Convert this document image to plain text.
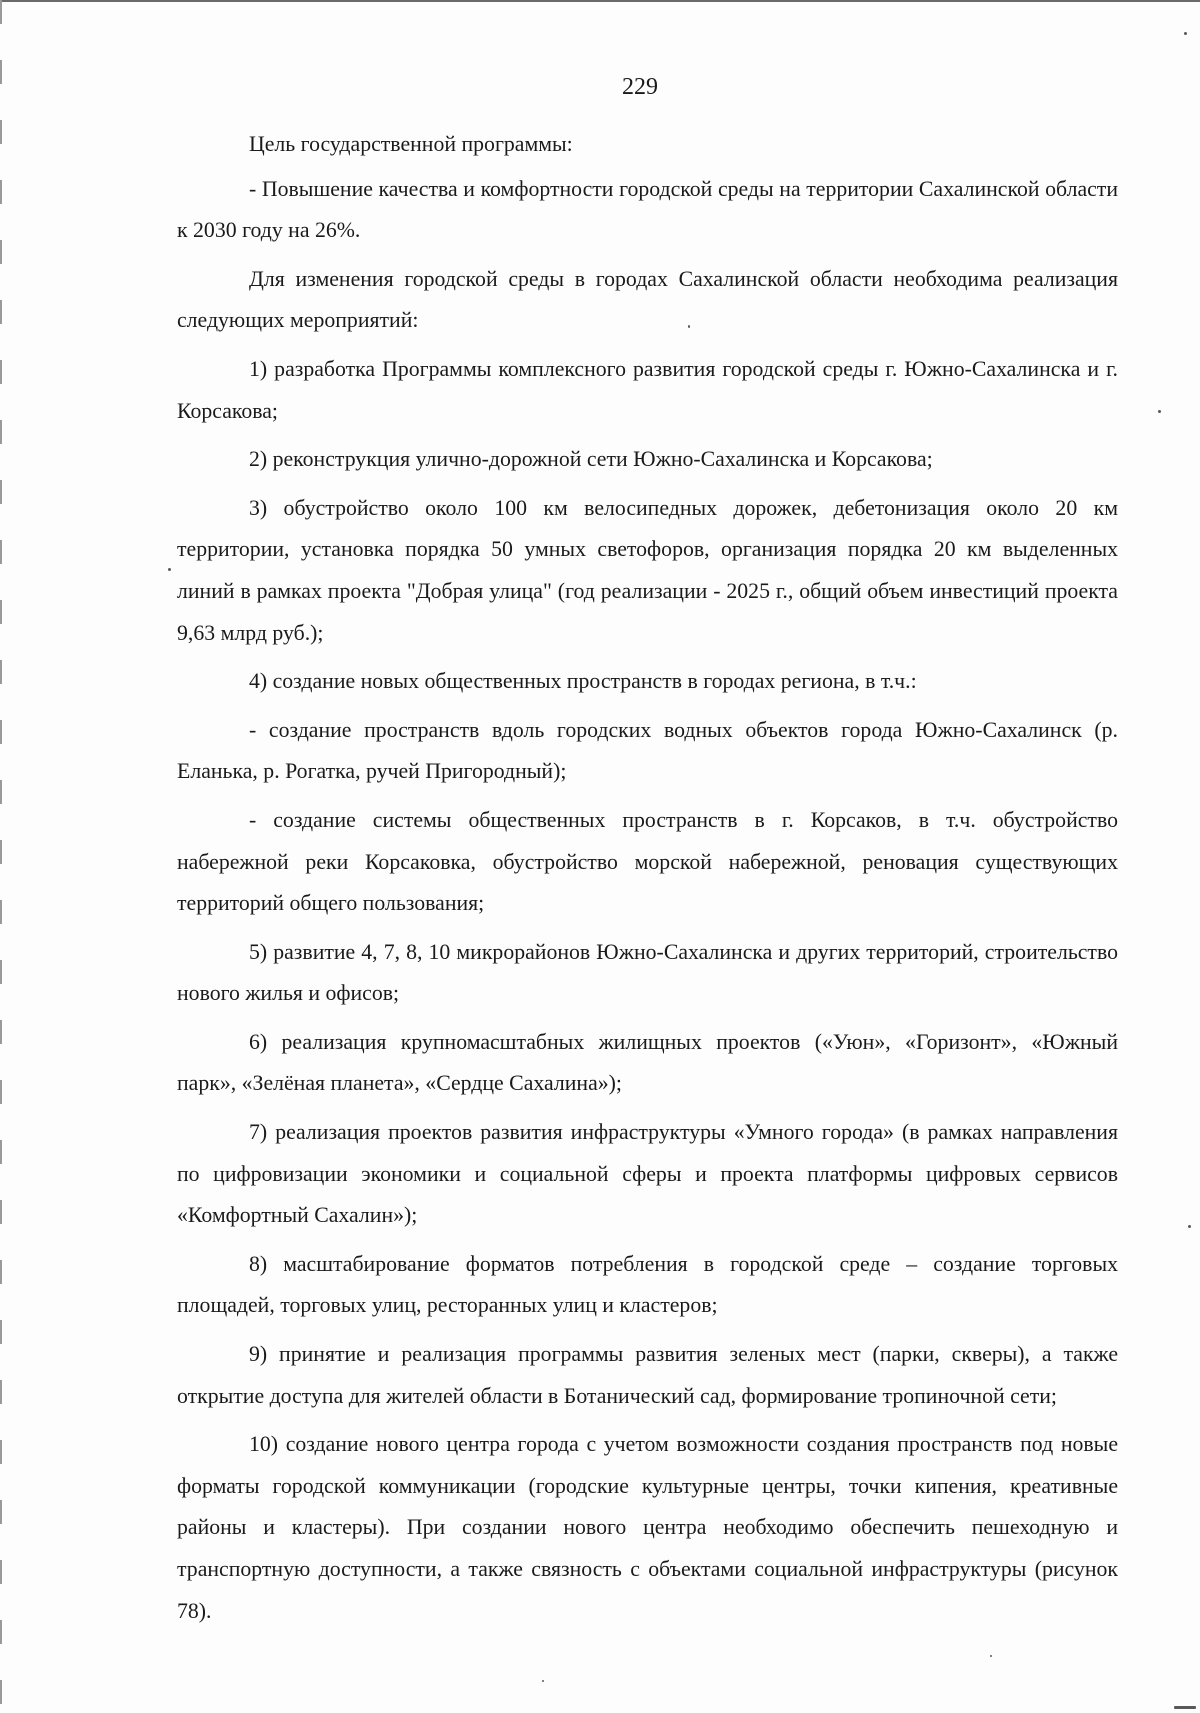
229

Цель государственной программы:

- Повышение качества и комфортности городской среды на территории Сахалинской области к 2030 году на 26%.

Для изменения городской среды в городах Сахалинской области необходима реализация следующих мероприятий:

1) разработка Программы комплексного развития городской среды г. Южно-Сахалинска и г. Корсакова;

2) реконструкция улично-дорожной сети Южно-Сахалинска и Корсакова;

3) обустройство около 100 км велосипедных дорожек, дебетонизация около 20 км территории, установка порядка 50 умных светофоров, организация порядка 20 км выделенных линий в рамках проекта "Добрая улица" (год реализации - 2025 г., общий объем инвестиций проекта 9,63 млрд руб.);

4) создание новых общественных пространств в городах региона, в т.ч.:

- создание пространств вдоль городских водных объектов города Южно-Сахалинск (р. Еланька, р. Рогатка, ручей Пригородный);

- создание системы общественных пространств в г. Корсаков, в т.ч. обустройство набережной реки Корсаковка, обустройство морской набережной, реновация существующих территорий общего пользования;

5) развитие 4, 7, 8, 10 микрорайонов Южно-Сахалинска и других территорий, строительство нового жилья и офисов;

6) реализация крупномасштабных жилищных проектов («Уюн», «Горизонт», «Южный парк», «Зелёная планета», «Сердце Сахалина»);

7) реализация проектов развития инфраструктуры «Умного города» (в рамках направления по цифровизации экономики и социальной сферы и проекта платформы цифровых сервисов «Комфортный Сахалин»);

8) масштабирование форматов потребления в городской среде – создание торговых площадей, торговых улиц, ресторанных улиц и кластеров;

9) принятие и реализация программы развития зеленых мест (парки, скверы), а также открытие доступа для жителей области в Ботанический сад, формирование тропиночной сети;

10) создание нового центра города с учетом возможности создания пространств под новые форматы городской коммуникации (городские культурные центры, точки кипения, креативные районы и кластеры). При создании нового центра необходимо обеспечить пешеходную и транспортную доступности, а также связность с объектами социальной инфраструктуры (рисунок 78).
